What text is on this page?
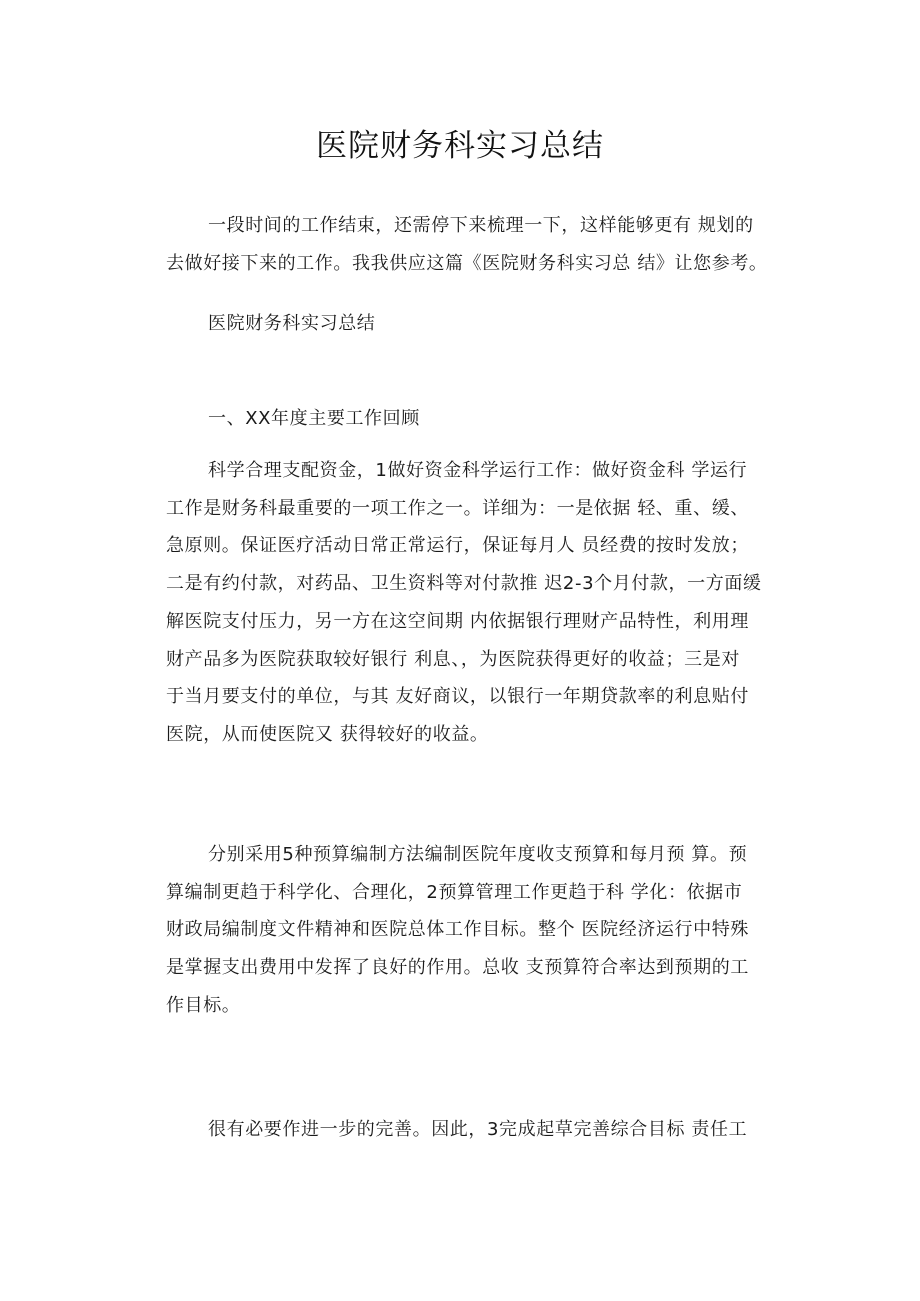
医院财务科实习总结

一段时间的工作结束，还需停下来梳理一下，这样能够更有 规划的
去做好接下来的工作。我我供应这篇《医院财务科实习总 结》让您参考。

医院财务科实习总结

一、XX年度主要工作回顾

科学合理支配资金，1做好资金科学运行工作：做好资金科 学运行
工作是财务科最重要的一项工作之一。详细为：一是依据 轻、重、缓、
急原则。保证医疗活动日常正常运行，保证每月人 员经费的按时发放；
二是有约付款，对药品、卫生资料等对付款推 迟2-3个月付款，一方面缓
解医院支付压力，另一方在这空间期 内依据银行理财产品特性，利用理
财产品多为医院获取较好银行 利息、，为医院获得更好的收益；三是对
于当月要支付的单位，与其 友好商议，以银行一年期贷款率的利息贴付
医院，从而使医院又 获得较好的收益。

分别采用5种预算编制方法编制医院年度收支预算和每月预 算。预
算编制更趋于科学化、合理化，2预算管理工作更趋于科 学化：依据市
财政局编制度文件精神和医院总体工作目标。整个 医院经济运行中特殊
是掌握支出费用中发挥了良好的作用。总收 支预算符合率达到预期的工
作目标。

很有必要作进一步的完善。因此，3完成起草完善综合目标 责任工
